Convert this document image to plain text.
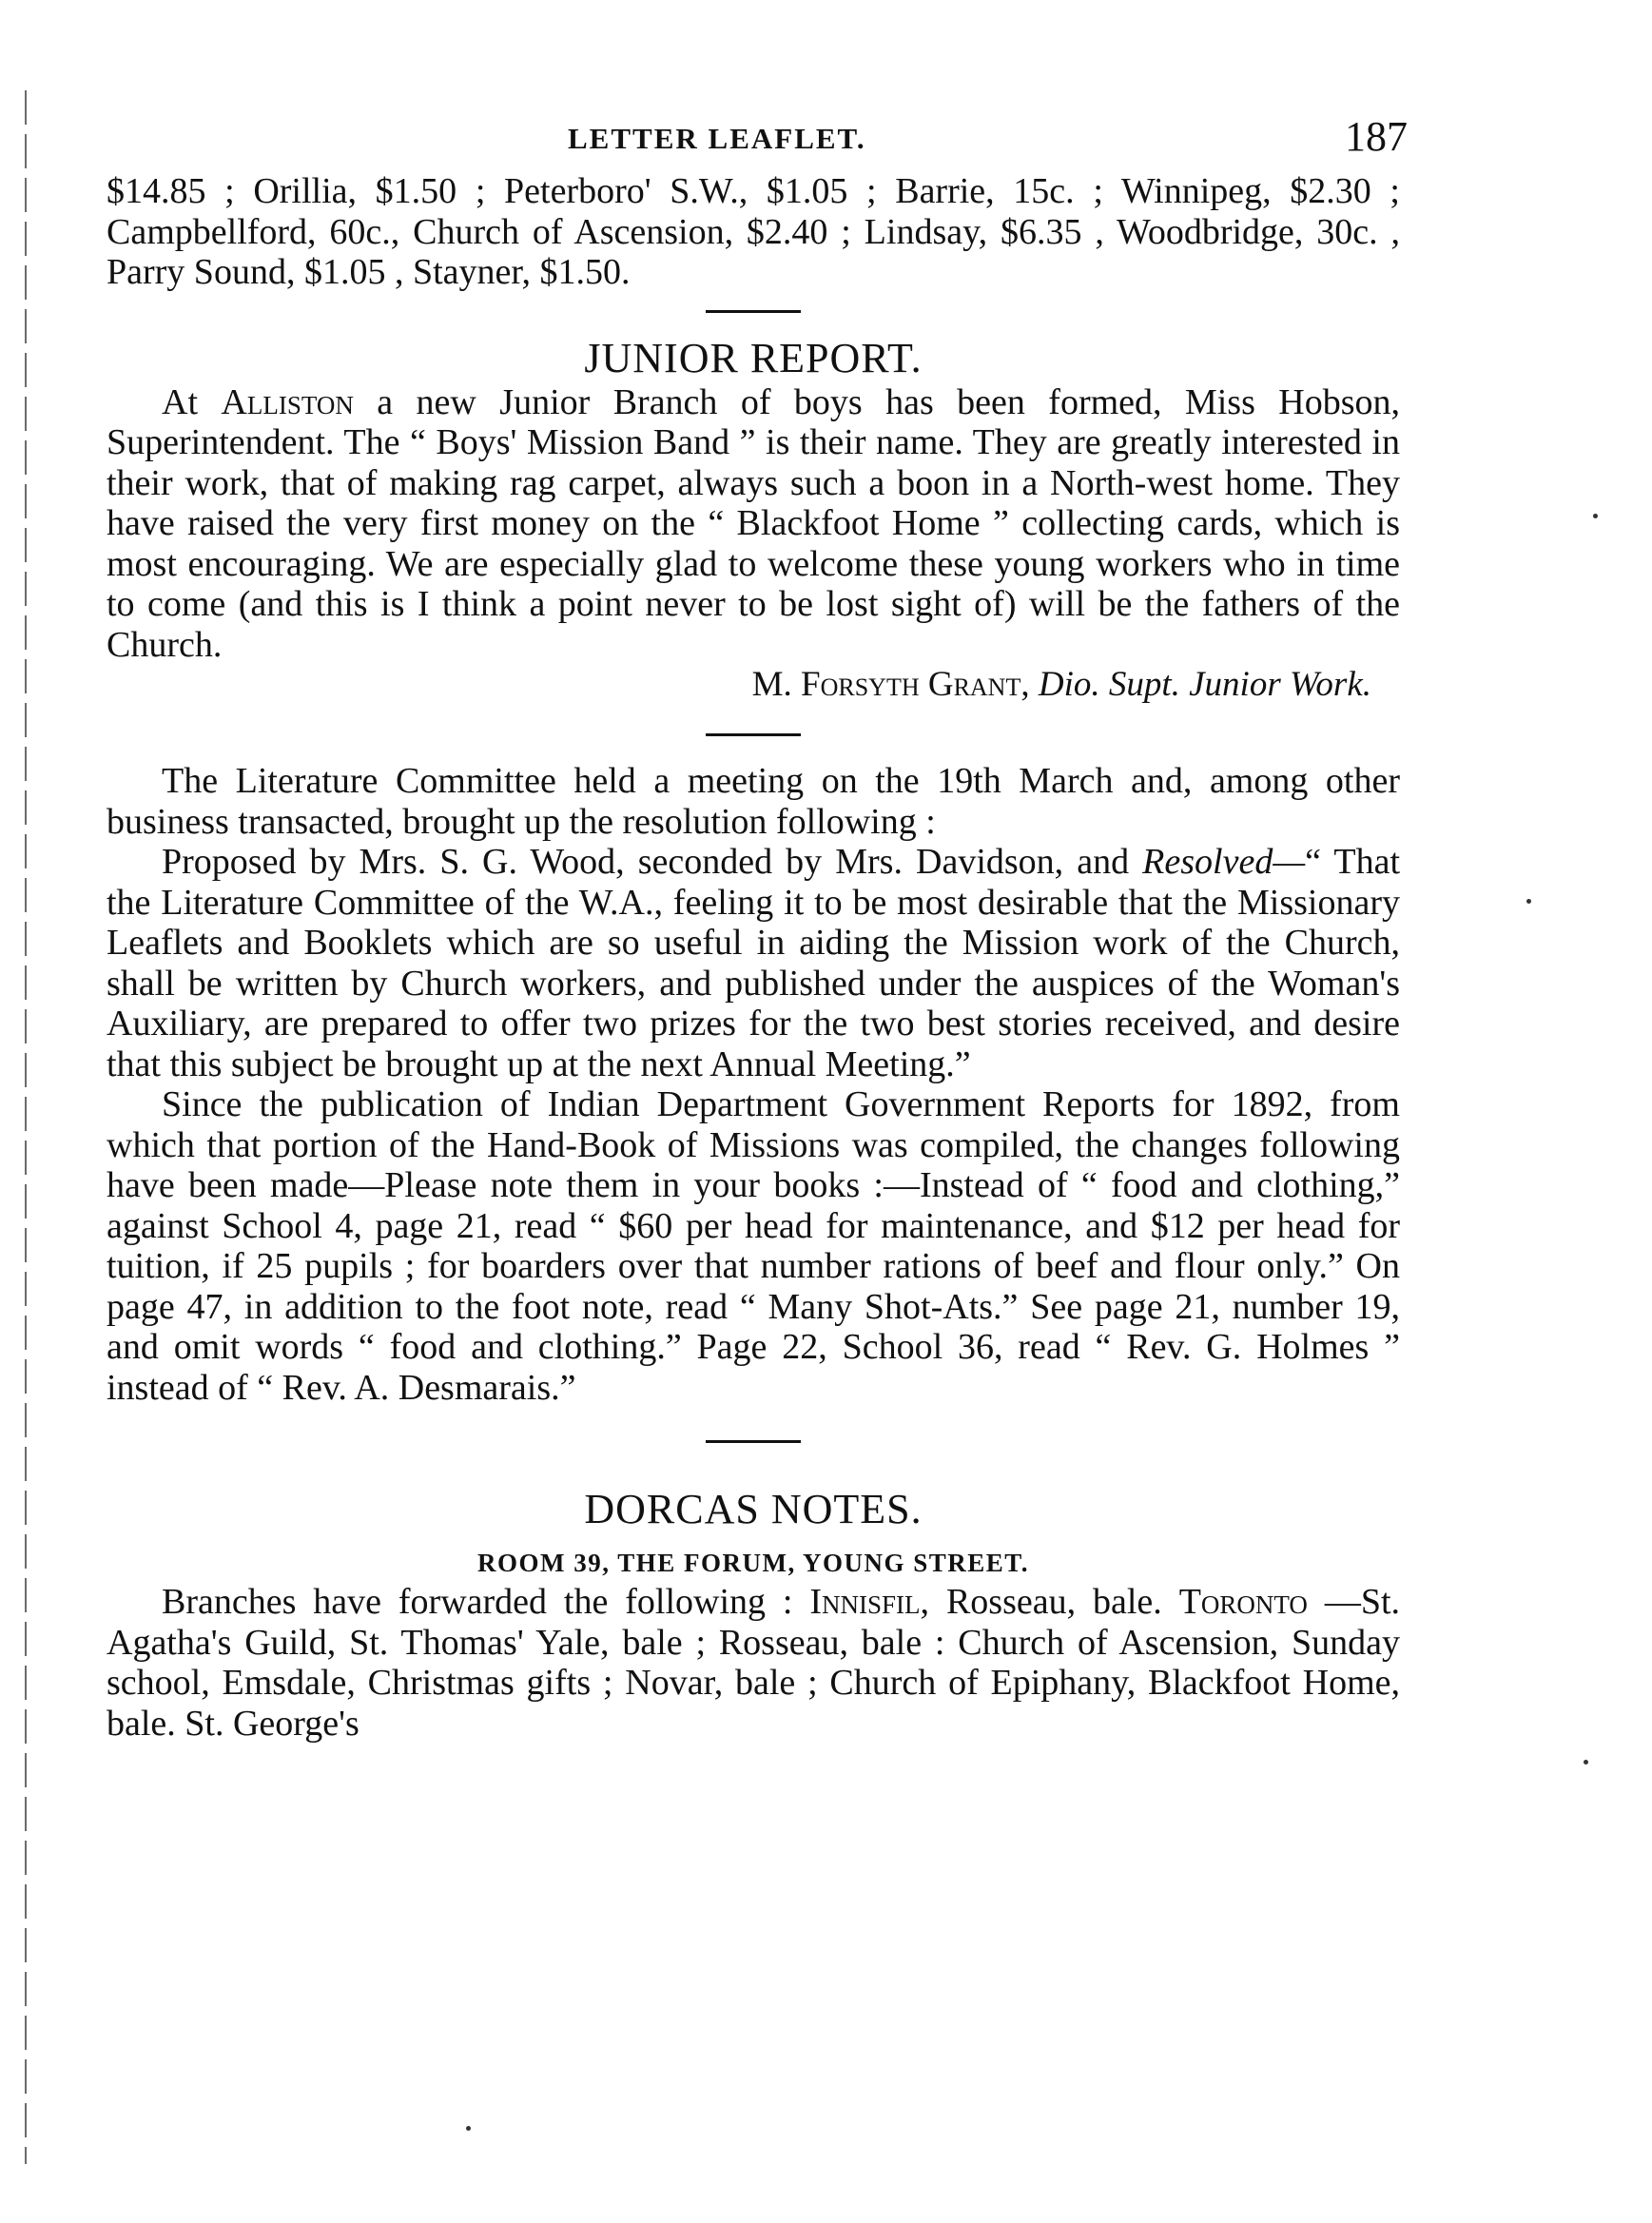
LETTER LEAFLET.	187

$14.85 ; Orillia, $1.50 ; Peterboro' S.W., $1.05 ; Barrie, 15c. ; Winnipeg, $2.30 ; Campbellford, 60c., Church of Ascension, $2.40 ; Lindsay, $6.35 , Woodbridge, 30c. , Parry Sound, $1.05 , Stayner, $1.50.

JUNIOR REPORT.

At Alliston a new Junior Branch of boys has been formed, Miss Hobson, Superintendent. The “ Boys' Mission Band ” is their name. They are greatly interested in their work, that of making rag carpet, always such a boon in a North-west home. They have raised the very first money on the “ Blackfoot Home ” collecting cards, which is most encouraging. We are especially glad to welcome these young workers who in time to come (and this is I think a point never to be lost sight of) will be the fathers of the Church.

M. Forsyth Grant, Dio. Supt. Junior Work.

The Literature Committee held a meeting on the 19th March and, among other business transacted, brought up the resolution following :

Proposed by Mrs. S. G. Wood, seconded by Mrs. Davidson, and Resolved—“ That the Literature Committee of the W.A., feeling it to be most desirable that the Missionary Leaflets and Booklets which are so useful in aiding the Mission work of the Church, shall be written by Church workers, and published under the auspices of the Woman's Auxiliary, are prepared to offer two prizes for the two best stories received, and desire that this subject be brought up at the next Annual Meeting.”

Since the publication of Indian Department Government Reports for 1892, from which that portion of the Hand-Book of Missions was compiled, the changes following have been made—Please note them in your books :—Instead of “ food and clothing,” against School 4, page 21, read “ $60 per head for maintenance, and $12 per head for tuition, if 25 pupils ; for boarders over that number rations of beef and flour only.” On page 47, in addition to the foot note, read “ Many Shot-Ats.” See page 21, number 19, and omit words “ food and clothing.” Page 22, School 36, read “ Rev. G. Holmes ” instead of “ Rev. A. Desmarais.”

DORCAS NOTES.
ROOM 39, THE FORUM, YOUNG STREET.

Branches have forwarded the following : Innisfil, Rosseau, bale. Toronto —St. Agatha's Guild, St. Thomas' Yale, bale ; Rosseau, bale : Church of Ascension, Sunday school, Emsdale, Christmas gifts ; Novar, bale ; Church of Epiphany, Blackfoot Home, bale. St. George's
